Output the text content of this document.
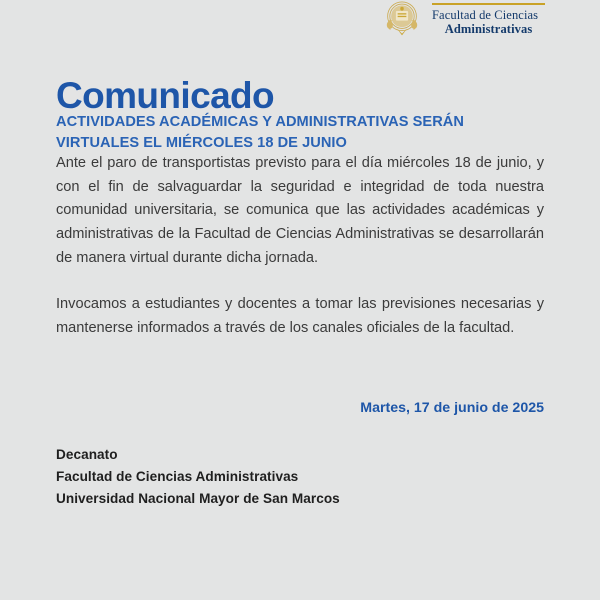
Facultad de Ciencias
Administrativas
Comunicado
ACTIVIDADES ACADÉMICAS Y ADMINISTRATIVAS SERÁN VIRTUALES EL MIÉRCOLES 18 DE JUNIO

Ante el paro de transportistas previsto para el día miércoles 18 de junio, y con el fin de salvaguardar la seguridad e integridad de toda nuestra comunidad universitaria, se comunica que las actividades académicas y administrativas de la Facultad de Ciencias Administrativas se desarrollarán de manera virtual durante dicha jornada.

Invocamos a estudiantes y docentes a tomar las previsiones necesarias y mantenerse informados a través de los canales oficiales de la facultad.

Martes, 17 de junio de 2025
Decanato
Facultad de Ciencias Administrativas
Universidad Nacional Mayor de San Marcos
